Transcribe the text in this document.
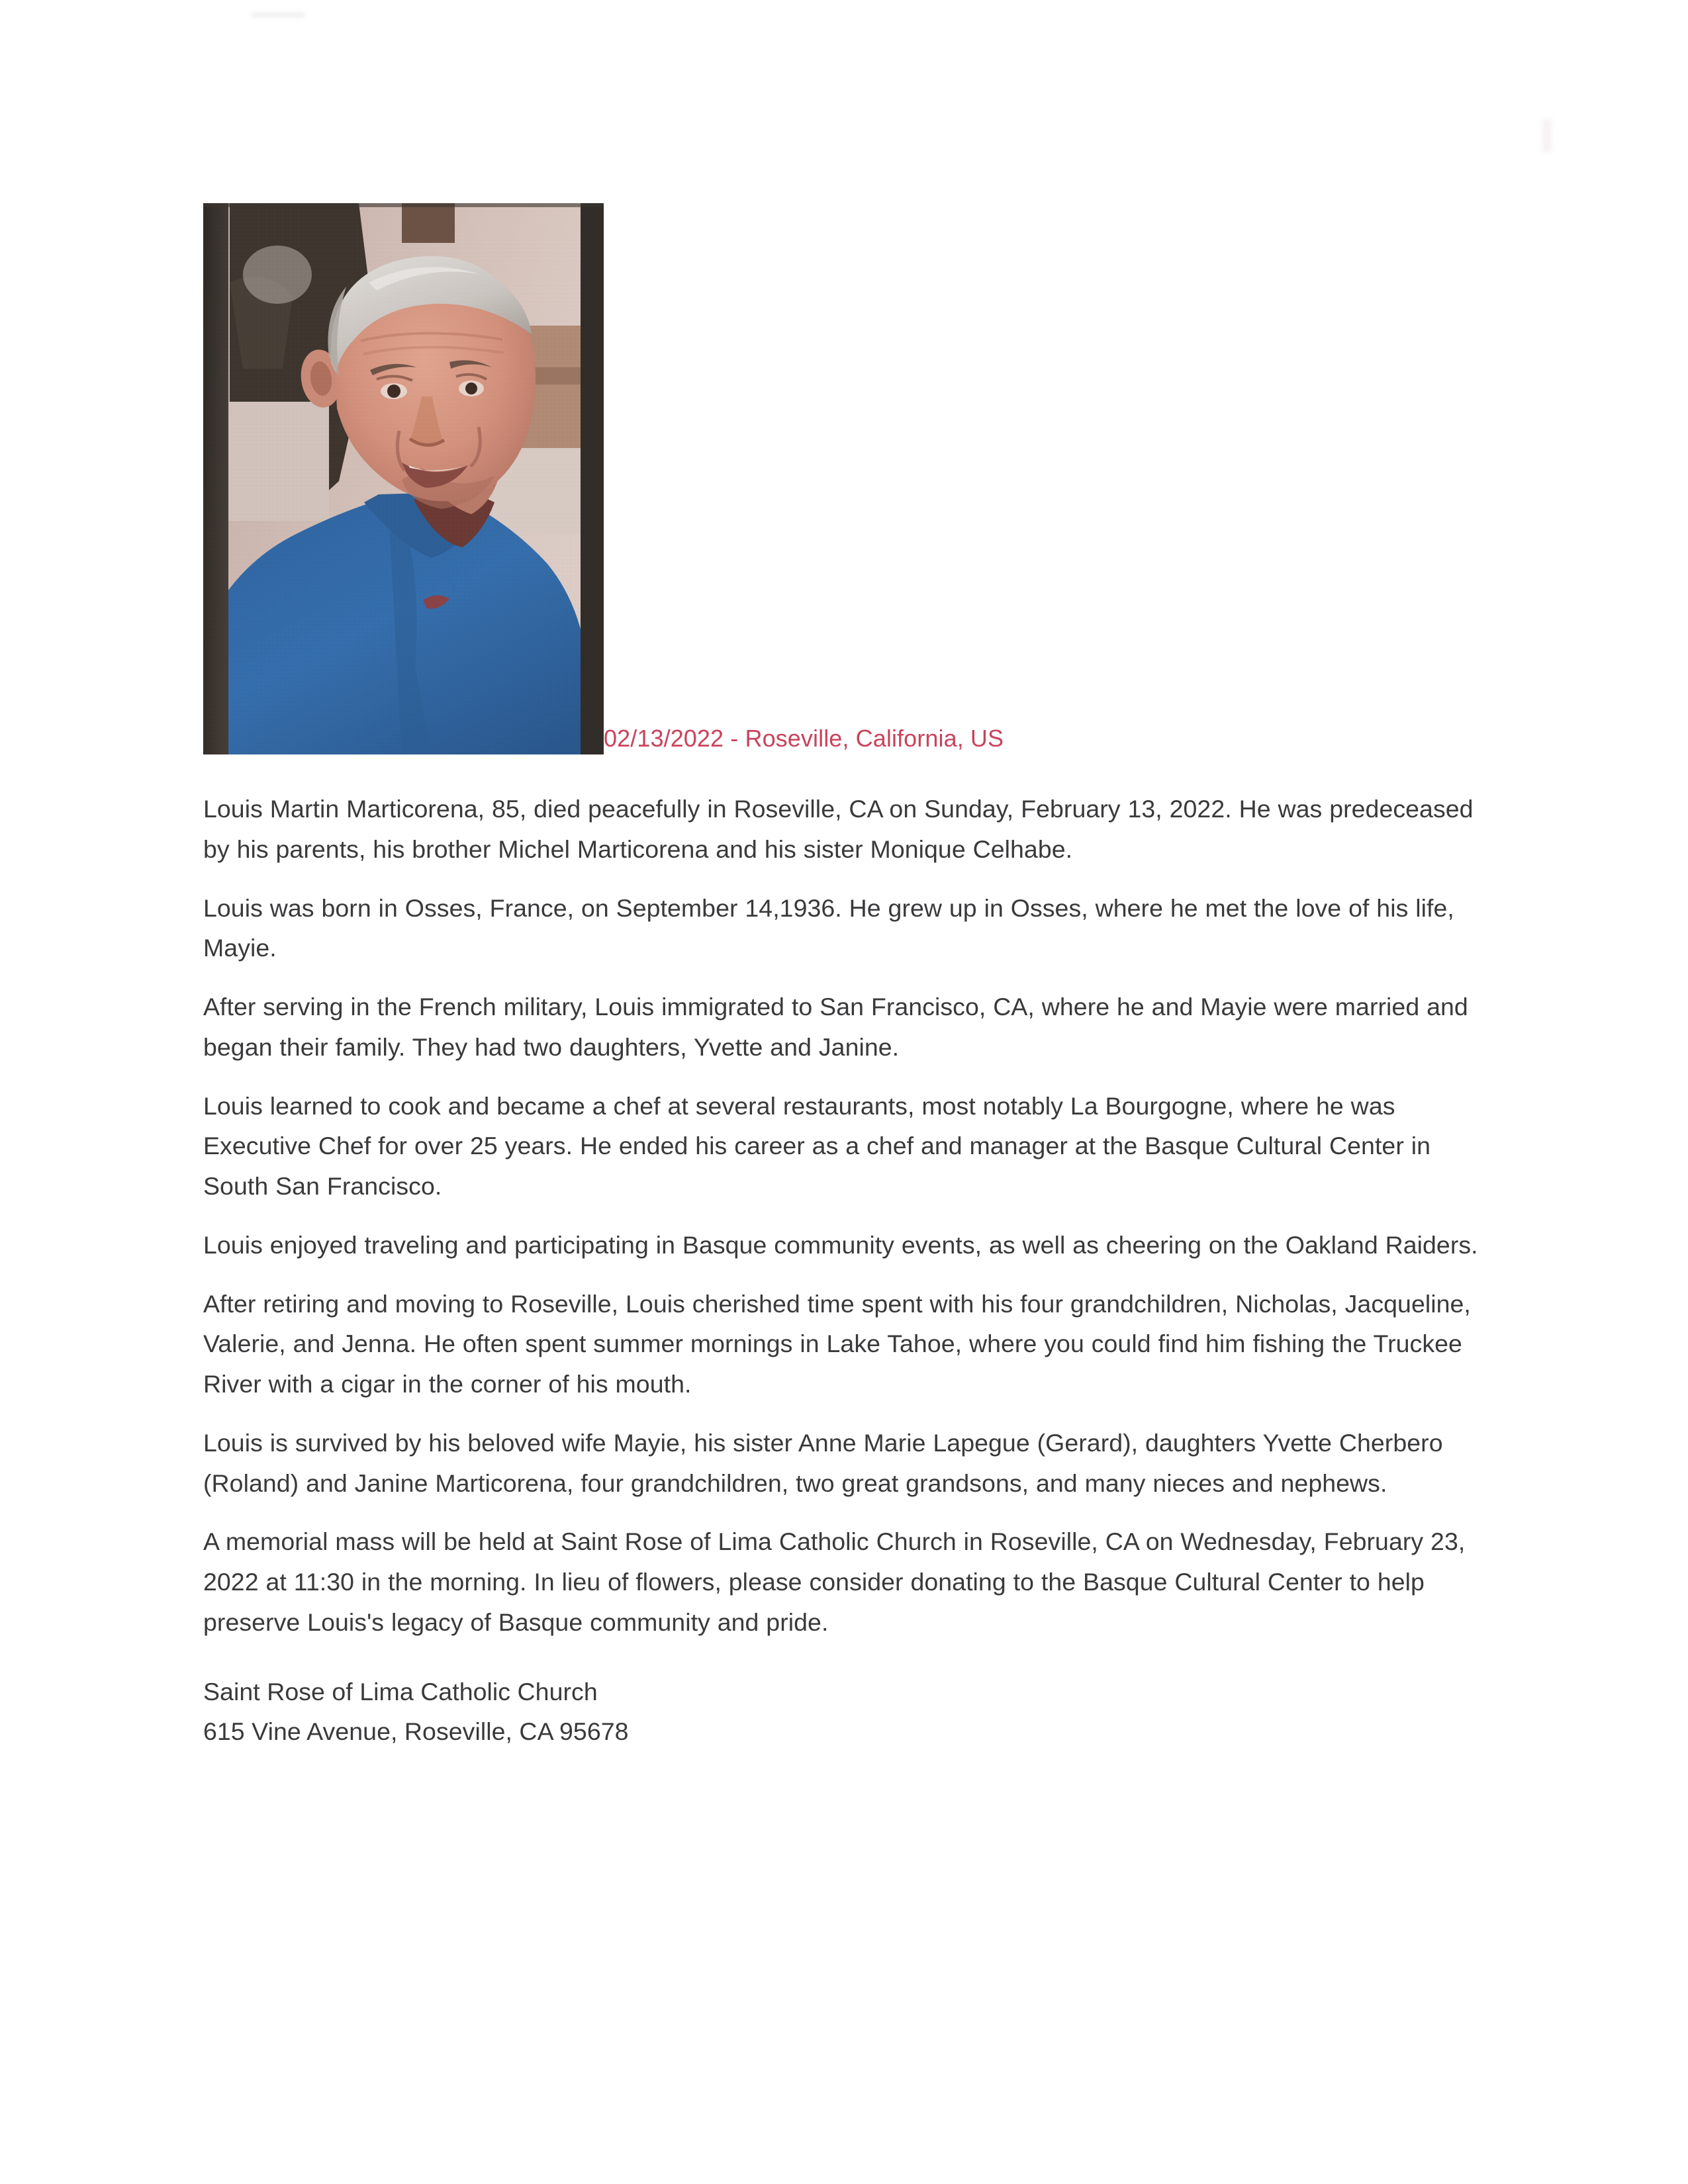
02/13/2022 - Roseville, California, US

Louis Martin Marticorena, 85, died peacefully in Roseville, CA on Sunday, February 13, 2022. He was predeceased by his parents, his brother Michel Marticorena and his sister Monique Celhabe.

Louis was born in Osses, France, on September 14,1936. He grew up in Osses, where he met the love of his life, Mayie.

After serving in the French military, Louis immigrated to San Francisco, CA, where he and Mayie were married and began their family. They had two daughters, Yvette and Janine.

Louis learned to cook and became a chef at several restaurants, most notably La Bourgogne, where he was Executive Chef for over 25 years. He ended his career as a chef and manager at the Basque Cultural Center in South San Francisco.

Louis enjoyed traveling and participating in Basque community events, as well as cheering on the Oakland Raiders.

After retiring and moving to Roseville, Louis cherished time spent with his four grandchildren, Nicholas, Jacqueline, Valerie, and Jenna. He often spent summer mornings in Lake Tahoe, where you could find him fishing the Truckee River with a cigar in the corner of his mouth.

Louis is survived by his beloved wife Mayie, his sister Anne Marie Lapegue (Gerard), daughters Yvette Cherbero (Roland) and Janine Marticorena, four grandchildren, two great grandsons, and many nieces and nephews.

A memorial mass will be held at Saint Rose of Lima Catholic Church in Roseville, CA on Wednesday, February 23, 2022 at 11:30 in the morning. In lieu of flowers, please consider donating to the Basque Cultural Center to help preserve Louis's legacy of Basque community and pride.

Saint Rose of Lima Catholic Church
615 Vine Avenue, Roseville, CA 95678
